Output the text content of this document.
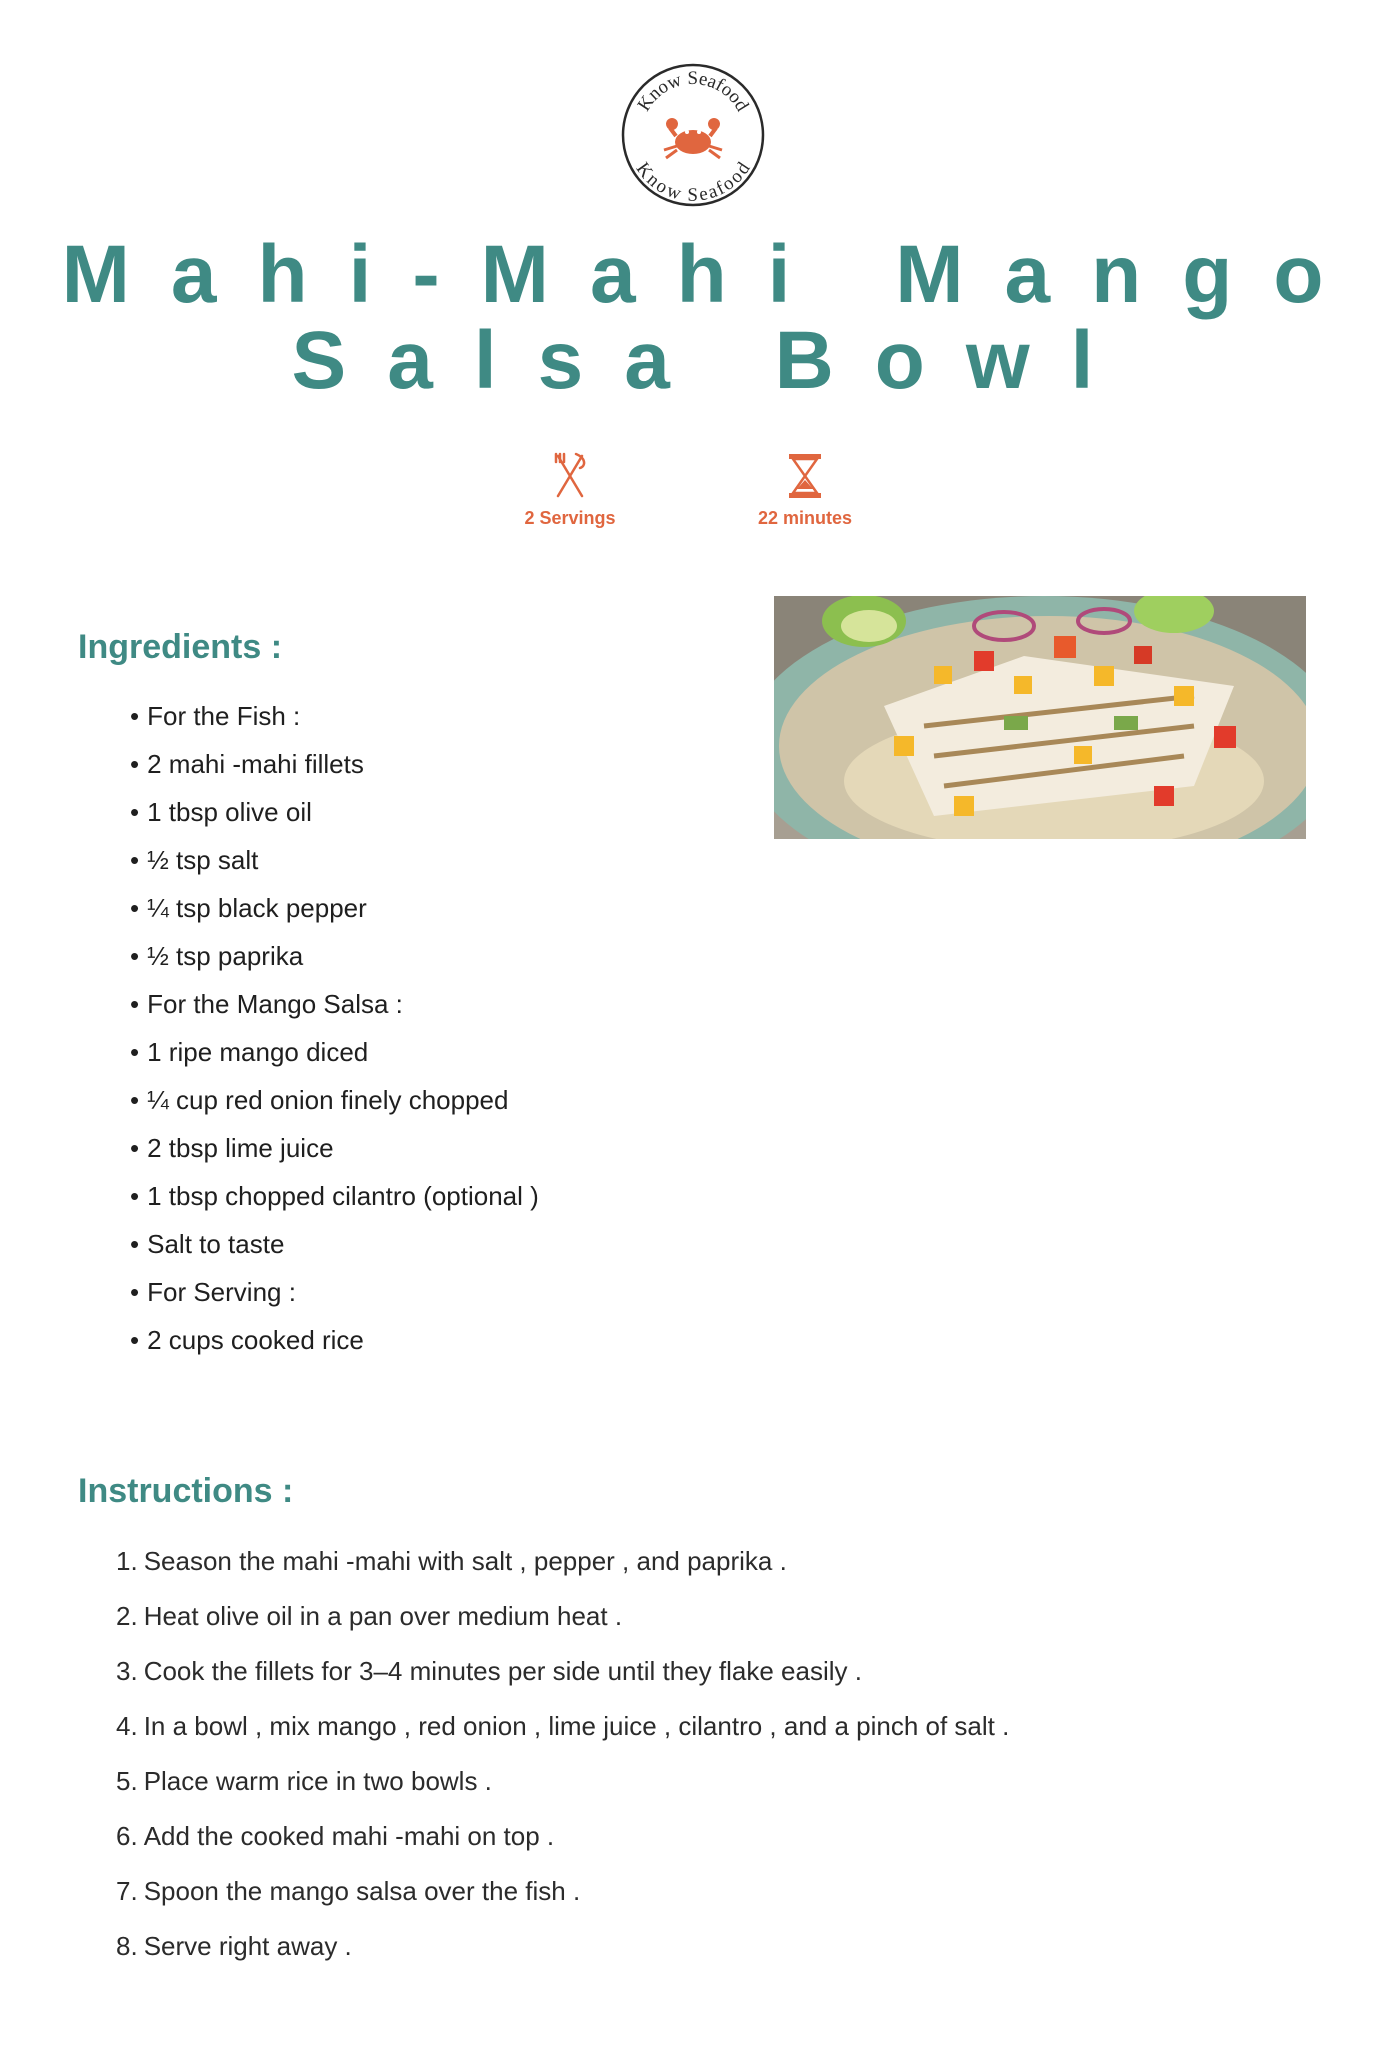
Know Seafood
Know Seafood
Mahi-Mahi Mango
Salsa Bowl
2 Servings	22 minutes
Ingredients :
• For the Fish :
• 2 mahi -mahi fillets
• 1 tbsp olive oil
• ½ tsp salt
• ¼ tsp black pepper
• ½ tsp paprika
• For the Mango Salsa :
• 1 ripe mango diced
• ¼ cup red onion finely chopped
• 2 tbsp lime juice
• 1 tbsp chopped cilantro (optional )
• Salt to taste
• For Serving :
• 2 cups cooked rice
Instructions :
1. Season the mahi -mahi with salt , pepper , and paprika .
2. Heat olive oil in a pan over medium heat .
3. Cook the fillets for 3–4 minutes per side until they flake easily .
4. In a bowl , mix mango , red onion , lime juice , cilantro , and a pinch of salt .
5. Place warm rice in two bowls .
6. Add the cooked mahi -mahi on top .
7. Spoon the mango salsa over the fish .
8. Serve right away .
